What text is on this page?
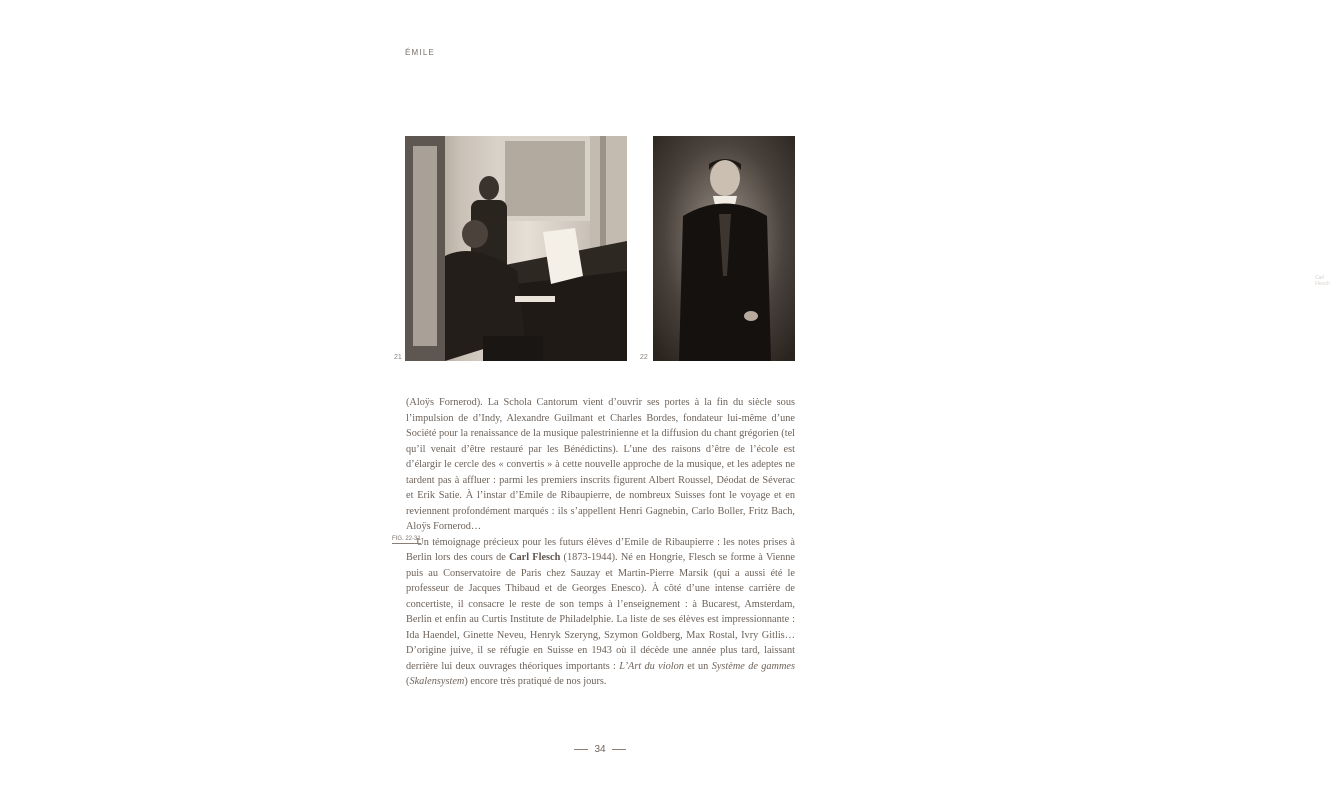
ÉMILE
21
Carl Flesch
22

(Aloÿs Fornerod). La Schola Cantorum vient d’ouvrir ses portes à la fin du siècle sous l’impulsion de d’Indy, Alexandre Guilmant et Charles Bordes, fondateur lui-même d’une Société pour la renaissance de la musique palestrinienne et la diffusion du chant grégorien (tel qu’il venait d’être restauré par les Bénédictins). L’une des raisons d’être de l’école est d’élargir le cercle des « convertis » à cette nouvelle approche de la musique, et les adeptes ne tardent pas à affluer : parmi les premiers inscrits figurent Albert Roussel, Déodat de Séverac et Erik Satie. À l’instar d’Emile de Ribaupierre, de nombreux Suisses font le voyage et en reviennent profondément marqués : ils s’appellent Henri Gagnebin, Carlo Boller, Fritz Bach, Aloÿs Fornerod…

 Un témoignage précieux pour les futurs élèves d’Emile de Ribaupierre : les notes prises à Berlin lors des cours de Carl Flesch (1873-1944). Né en Hongrie, Flesch se forme à Vienne puis au Conservatoire de Paris chez Sauzay et Martin-Pierre Marsik (qui a aussi été le professeur de Jacques Thibaud et de Georges Enesco). À côté d’une intense carrière de concertiste, il consacre le reste de son temps à l’enseignement : à Bucarest, Amsterdam, Berlin et enfin au Curtis Institute de Philadelphie. La liste de ses élèves est impressionnante : Ida Haendel, Ginette Neveu, Henryk Szeryng, Szymon Goldberg, Max Rostal, Ivry Gitlis… D’origine juive, il se réfugie en Suisse en 1943 où il décède une année plus tard, laissant derrière lui deux ouvrages théoriques importants : L’Art du violon et un Système de gammes (Skalensystem) encore très pratiqué de nos jours.

FIG. 22-31
34
